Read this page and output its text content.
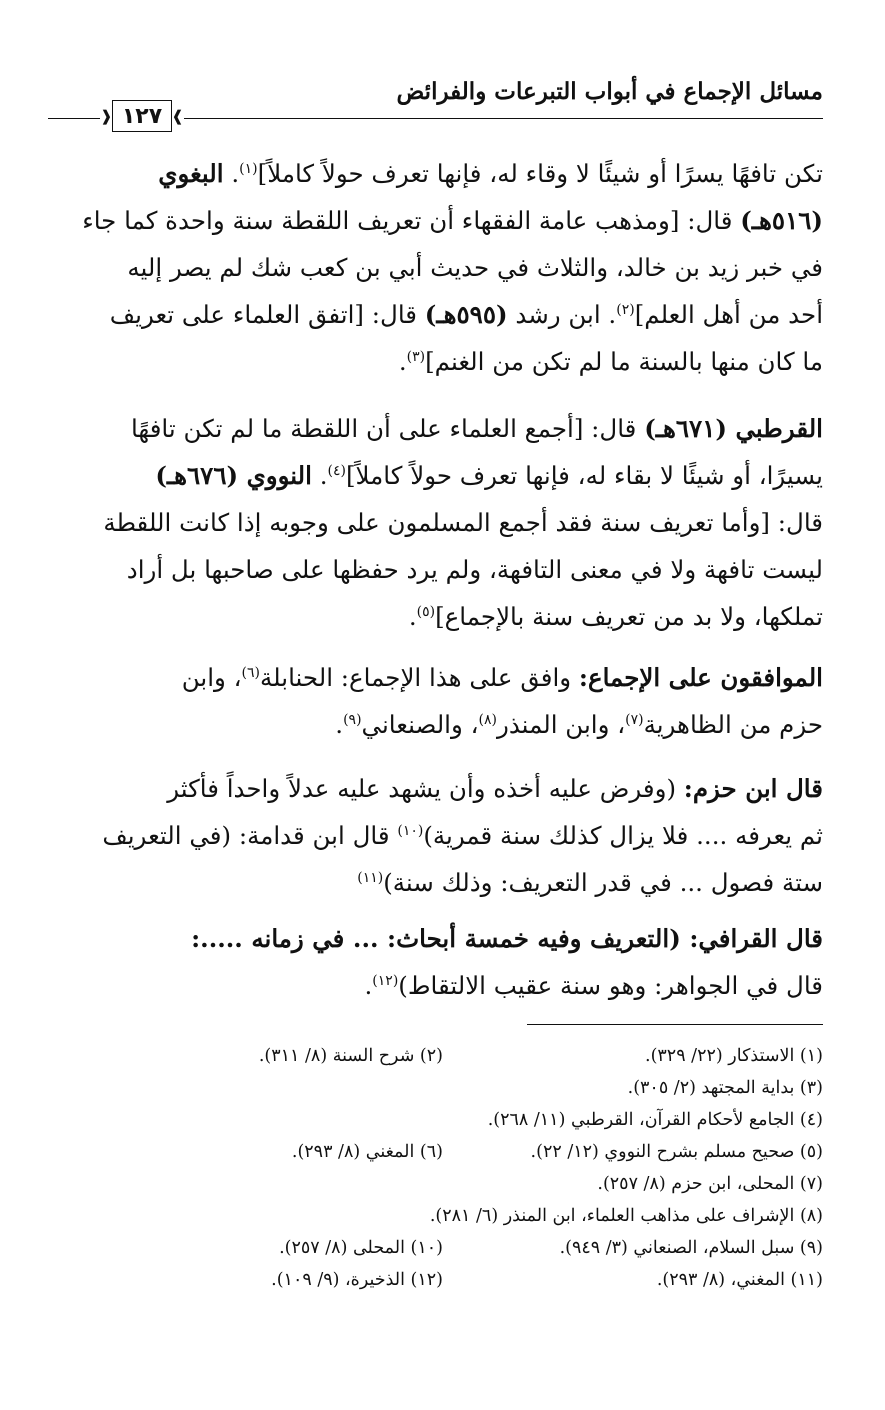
مسائل الإجماع في أبواب التبرعات والفرائض
❰ ١٢٧ ❱
تكن تافهًا يسرًا أو شيئًا لا وقاء له، فإنها تعرف حولاً كاملاً]$^{(١)}$. البغوي
(٥١٦هـ) قال: [ومذهب عامة الفقهاء أن تعريف اللقطة سنة واحدة كما جاء
في خبر زيد بن خالد، والثلاث في حديث أبي بن كعب شك لم يصر إليه
أحد من أهل العلم]$^{(٢)}$. ابن رشد (٥٩٥هـ) قال: [اتفق العلماء على تعريف
ما كان منها بالسنة ما لم تكن من الغنم]$^{(٣)}$.
القرطبي (٦٧١هـ) قال: [أجمع العلماء على أن اللقطة ما لم تكن تافهًا
يسيرًا، أو شيئًا لا بقاء له، فإنها تعرف حولاً كاملاً]$^{(٤)}$. النووي (٦٧٦هـ)
قال: [وأما تعريف سنة فقد أجمع المسلمون على وجوبه إذا كانت اللقطة
ليست تافهة ولا في معنى التافهة، ولم يرد حفظها على صاحبها بل أراد
تملكها، ولا بد من تعريف سنة بالإجماع]$^{(٥)}$.
الموافقون على الإجماع: وافق على هذا الإجماع: الحنابلة$^{(٦)}$، وابن
حزم من الظاهرية$^{(٧)}$، وابن المنذر$^{(٨)}$، والصنعاني$^{(٩)}$.
قال ابن حزم: (وفرض عليه أخذه وأن يشهد عليه عدلاً واحداً فأكثر
ثم يعرفه .... فلا يزال كذلك سنة قمرية)$^{(١٠)}$ قال ابن قدامة: (في التعريف
ستة فصول ... في قدر التعريف: وذلك سنة)$^{(١١)}$
قال القرافي: (التعريف وفيه خمسة أبحاث: ... في زمانه .....:
قال في الجواهر: وهو سنة عقيب الالتقاط)$^{(١٢)}$.
(١) الاستذكار (٢٢/ ٣٢٩).
(٢) شرح السنة (٨/ ٣١١).
(٣) بداية المجتهد (٢/ ٣٠٥).
(٤) الجامع لأحكام القرآن، القرطبي (١١/ ٢٦٨).
(٥) صحيح مسلم بشرح النووي (١٢/ ٢٢).
(٦) المغني (٨/ ٢٩٣).
(٧) المحلى، ابن حزم (٨/ ٢٥٧).
(٨) الإشراف على مذاهب العلماء، ابن المنذر (٦/ ٢٨١).
(٩) سبل السلام، الصنعاني (٣/ ٩٤٩).
(١٠) المحلى (٨/ ٢٥٧).
(١١) المغني، (٨/ ٢٩٣).
(١٢) الذخيرة، (٩/ ١٠٩).
